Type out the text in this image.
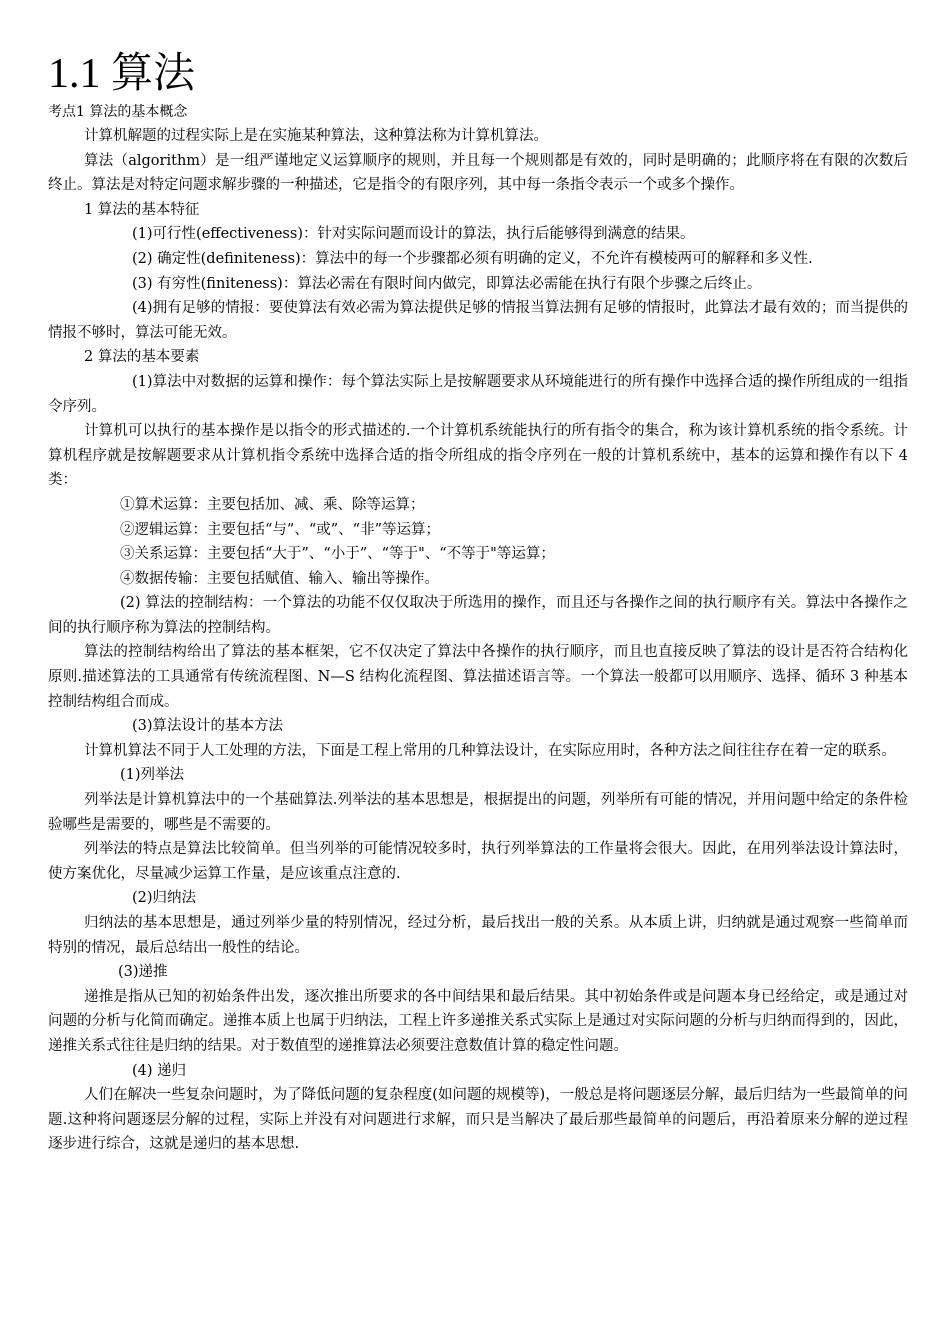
1.1 算法

考点1 算法的基本概念

计算机解题的过程实际上是在实施某种算法，这种算法称为计算机算法。

算法（algorithm）是一组严谨地定义运算顺序的规则，并且每一个规则都是有效的，同时是明确的；此顺序将在有限的次数后终止。算法是对特定问题求解步骤的一种描述，它是指令的有限序列，其中每一条指令表示一个或多个操作。

1 算法的基本特征

(1)可行性(effectiveness)：针对实际问题而设计的算法，执行后能够得到满意的结果。

(2) 确定性(definiteness)：算法中的每一个步骤都必须有明确的定义，不允许有模棱两可的解释和多义性.

(3) 有穷性(finiteness)：算法必需在有限时间内做完，即算法必需能在执行有限个步骤之后终止。

(4)拥有足够的情报：要使算法有效必需为算法提供足够的情报当算法拥有足够的情报时，此算法才最有效的；而当提供的情报不够时，算法可能无效。

2 算法的基本要素

(1)算法中对数据的运算和操作：每个算法实际上是按解题要求从环境能进行的所有操作中选择合适的操作所组成的一组指令序列。

计算机可以执行的基本操作是以指令的形式描述的.一个计算机系统能执行的所有指令的集合，称为该计算机系统的指令系统。计算机程序就是按解题要求从计算机指令系统中选择合适的指令所组成的指令序列在一般的计算机系统中，基本的运算和操作有以下 4 类：

①算术运算：主要包括加、减、乘、除等运算；

②逻辑运算：主要包括“与”、“或”、“非”等运算；

③关系运算：主要包括“大于”、“小于”、“等于"、“不等于"等运算；

④数据传输：主要包括赋值、输入、输出等操作。

(2) 算法的控制结构：一个算法的功能不仅仅取决于所选用的操作，而且还与各操作之间的执行顺序有关。算法中各操作之间的执行顺序称为算法的控制结构。

算法的控制结构给出了算法的基本框架，它不仅决定了算法中各操作的执行顺序，而且也直接反映了算法的设计是否符合结构化原则.描述算法的工具通常有传统流程图、N—S 结构化流程图、算法描述语言等。一个算法一般都可以用顺序、选择、循环 3 种基本控制结构组合而成。

(3)算法设计的基本方法

计算机算法不同于人工处理的方法，下面是工程上常用的几种算法设计，在实际应用时，各种方法之间往往存在着一定的联系。

(1)列举法

列举法是计算机算法中的一个基础算法.列举法的基本思想是，根据提出的问题，列举所有可能的情况，并用问题中给定的条件检验哪些是需要的，哪些是不需要的。

列举法的特点是算法比较简单。但当列举的可能情况较多时，执行列举算法的工作量将会很大。因此，在用列举法设计算法时，使方案优化，尽量减少运算工作量，是应该重点注意的.

(2)归纳法

归纳法的基本思想是，通过列举少量的特别情况，经过分析，最后找出一般的关系。从本质上讲，归纳就是通过观察一些简单而特别的情况，最后总结出一般性的结论。

(3)递推

递推是指从已知的初始条件出发，逐次推出所要求的各中间结果和最后结果。其中初始条件或是问题本身已经给定，或是通过对问题的分析与化简而确定。递推本质上也属于归纳法，工程上许多递推关系式实际上是通过对实际问题的分析与归纳而得到的，因此，递推关系式往往是归纳的结果。对于数值型的递推算法必须要注意数值计算的稳定性问题。

(4) 递归

人们在解决一些复杂问题时，为了降低问题的复杂程度(如问题的规模等)，一般总是将问题逐层分解，最后归结为一些最简单的问题.这种将问题逐层分解的过程，实际上并没有对问题进行求解，而只是当解决了最后那些最简单的问题后，再沿着原来分解的逆过程逐步进行综合，这就是递归的基本思想.
